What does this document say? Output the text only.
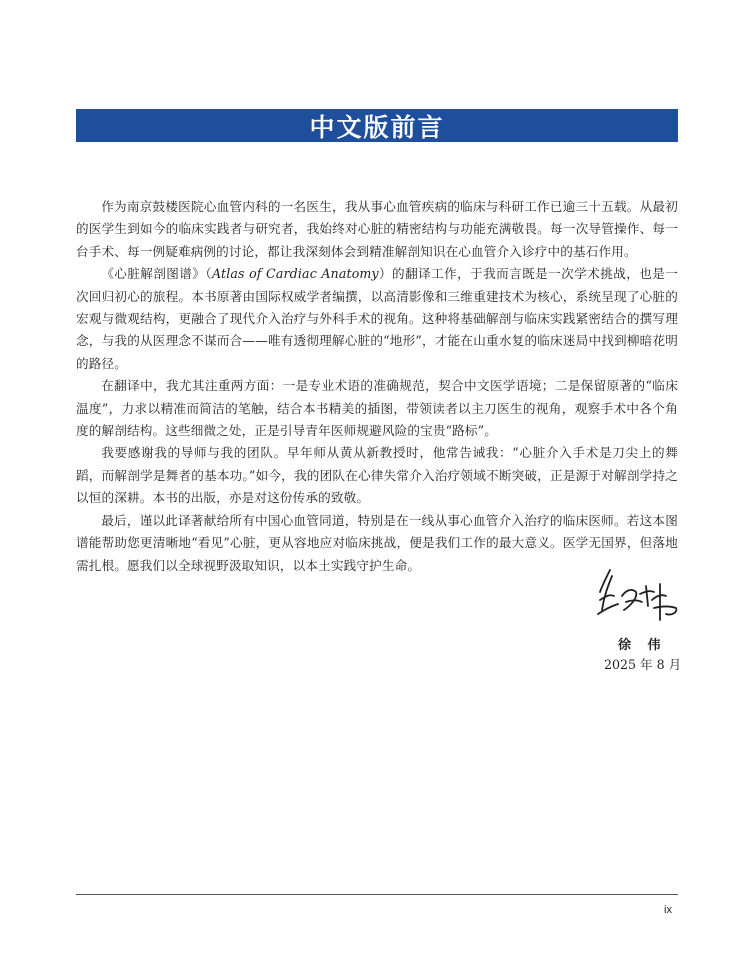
中文版前言

作为南京鼓楼医院心血管内科的一名医生，我从事心血管疾病的临床与科研工作已逾三十五载。从最初的医学生到如今的临床实践者与研究者，我始终对心脏的精密结构与功能充满敬畏。每一次导管操作、每一台手术、每一例疑难病例的讨论，都让我深刻体会到精准解剖知识在心血管介入诊疗中的基石作用。

《心脏解剖图谱》（Atlas of Cardiac Anatomy）的翻译工作，于我而言既是一次学术挑战，也是一次回归初心的旅程。本书原著由国际权威学者编撰，以高清影像和三维重建技术为核心，系统呈现了心脏的宏观与微观结构，更融合了现代介入治疗与外科手术的视角。这种将基础解剖与临床实践紧密结合的撰写理念，与我的从医理念不谋而合——唯有透彻理解心脏的“地形”，才能在山重水复的临床迷局中找到柳暗花明的路径。

在翻译中，我尤其注重两方面：一是专业术语的准确规范，契合中文医学语境；二是保留原著的“临床温度”，力求以精准而简洁的笔触，结合本书精美的插图，带领读者以主刀医生的视角，观察手术中各个角度的解剖结构。这些细微之处，正是引导青年医师规避风险的宝贵“路标”。

我要感谢我的导师与我的团队。早年师从黄从新教授时，他常告诫我：“心脏介入手术是刀尖上的舞蹈，而解剖学是舞者的基本功。”如今，我的团队在心律失常介入治疗领域不断突破，正是源于对解剖学持之以恒的深耕。本书的出版，亦是对这份传承的致敬。

最后，谨以此译著献给所有中国心血管同道，特别是在一线从事心血管介入治疗的临床医师。若这本图谱能帮助您更清晰地“看见”心脏，更从容地应对临床挑战，便是我们工作的最大意义。医学无国界，但落地需扎根。愿我们以全球视野汲取知识，以本土实践守护生命。

徐 伟
2025 年 8 月
ix
